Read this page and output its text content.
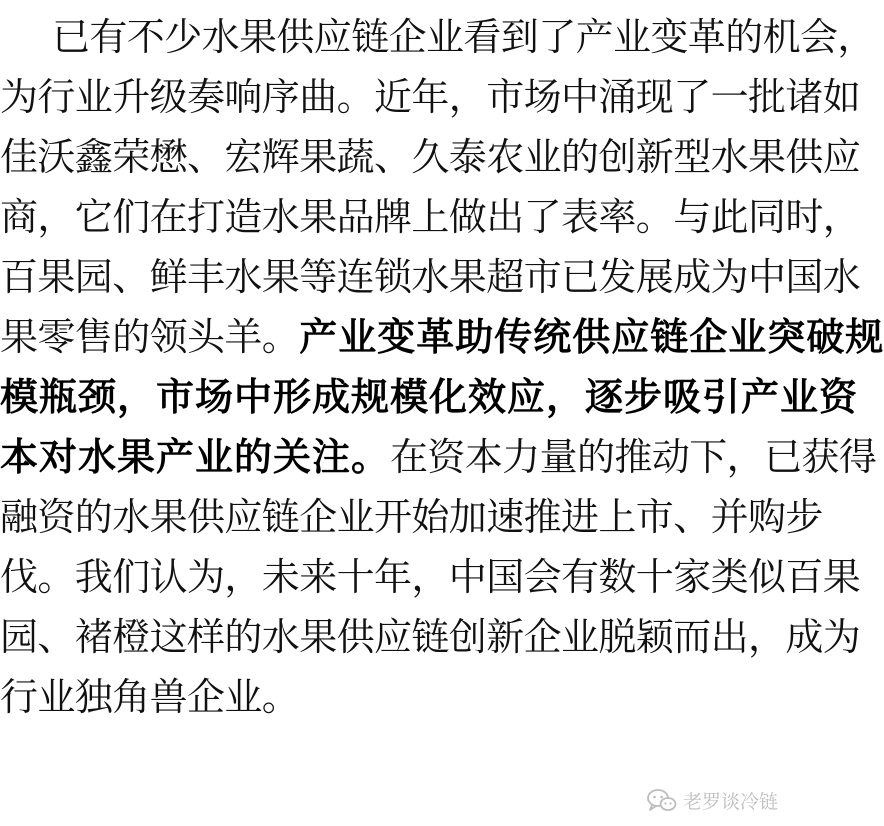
已有不少水果供应链企业看到了产业变革的机会，
为行业升级奏响序曲。近年，市场中涌现了一批诸如
佳沃鑫荣懋、宏辉果蔬、久泰农业的创新型水果供应
商，它们在打造水果品牌上做出了表率。与此同时，
百果园、鲜丰水果等连锁水果超市已发展成为中国水
果零售的领头羊。产业变革助传统供应链企业突破规
模瓶颈，市场中形成规模化效应，逐步吸引产业资
本对水果产业的关注。在资本力量的推动下，已获得
融资的水果供应链企业开始加速推进上市、并购步
伐。我们认为，未来十年，中国会有数十家类似百果
园、褚橙这样的水果供应链创新企业脱颖而出，成为
行业独角兽企业。
老罗谈冷链
